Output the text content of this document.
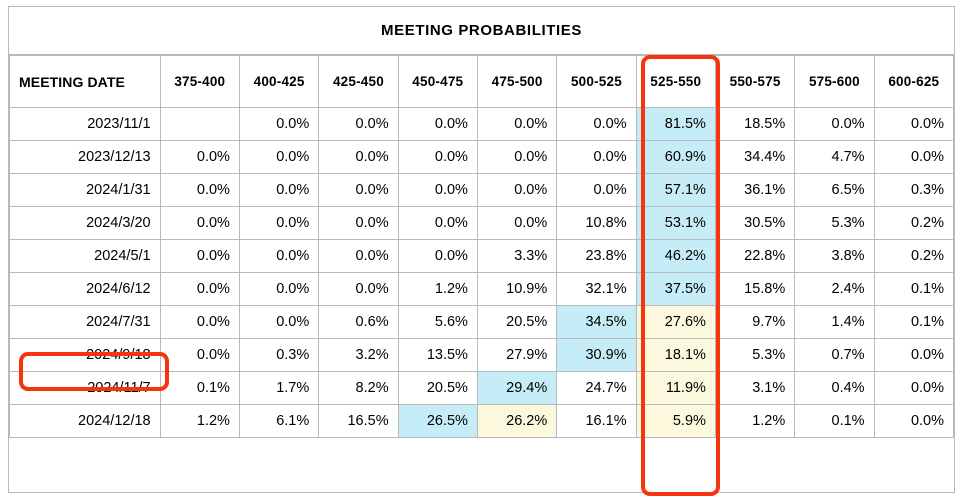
MEETING PROBABILITIES
MEETING DATE	375-400	400-425	425-450	450-475	475-500	500-525	525-550	550-575	575-600	600-625
2023/11/1		0.0%	0.0%	0.0%	0.0%	0.0%	81.5%	18.5%	0.0%	0.0%
2023/12/13	0.0%	0.0%	0.0%	0.0%	0.0%	0.0%	60.9%	34.4%	4.7%	0.0%
2024/1/31	0.0%	0.0%	0.0%	0.0%	0.0%	0.0%	57.1%	36.1%	6.5%	0.3%
2024/3/20	0.0%	0.0%	0.0%	0.0%	0.0%	10.8%	53.1%	30.5%	5.3%	0.2%
2024/5/1	0.0%	0.0%	0.0%	0.0%	3.3%	23.8%	46.2%	22.8%	3.8%	0.2%
2024/6/12	0.0%	0.0%	0.0%	1.2%	10.9%	32.1%	37.5%	15.8%	2.4%	0.1%
2024/7/31	0.0%	0.0%	0.6%	5.6%	20.5%	34.5%	27.6%	9.7%	1.4%	0.1%
2024/9/18	0.0%	0.3%	3.2%	13.5%	27.9%	30.9%	18.1%	5.3%	0.7%	0.0%
2024/11/7	0.1%	1.7%	8.2%	20.5%	29.4%	24.7%	11.9%	3.1%	0.4%	0.0%
2024/12/18	1.2%	6.1%	16.5%	26.5%	26.2%	16.1%	5.9%	1.2%	0.1%	0.0%
